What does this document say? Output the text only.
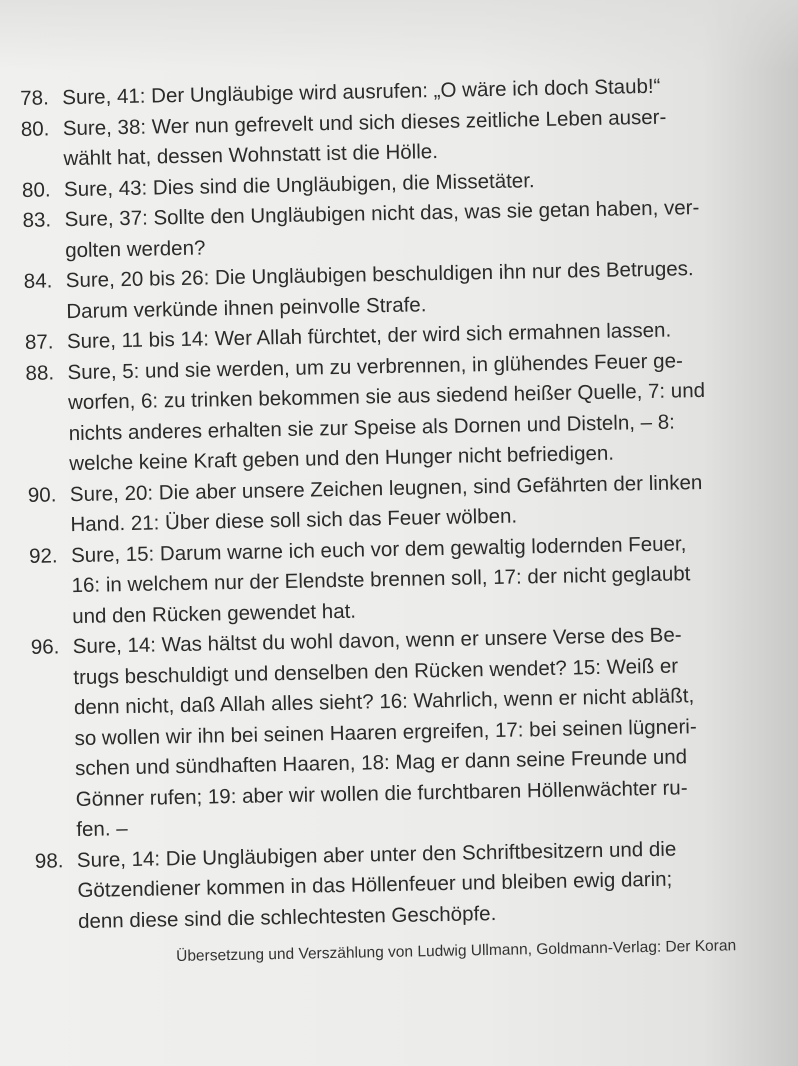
78. Sure, 41: Der Ungläubige wird ausrufen: „O wäre ich doch Staub!“
80. Sure, 38: Wer nun gefrevelt und sich dieses zeitliche Leben auser-
wählt hat, dessen Wohnstatt ist die Hölle.
80. Sure, 43: Dies sind die Ungläubigen, die Missetäter.
83. Sure, 37: Sollte den Ungläubigen nicht das, was sie getan haben, ver-
golten werden?
84. Sure, 20 bis 26: Die Ungläubigen beschuldigen ihn nur des Betruges.
Darum verkünde ihnen peinvolle Strafe.
87. Sure, 11 bis 14: Wer Allah fürchtet, der wird sich ermahnen lassen.
88. Sure, 5: und sie werden, um zu verbrennen, in glühendes Feuer ge-
worfen, 6: zu trinken bekommen sie aus siedend heißer Quelle, 7: und
nichts anderes erhalten sie zur Speise als Dornen und Disteln, – 8:
welche keine Kraft geben und den Hunger nicht befriedigen.
90. Sure, 20: Die aber unsere Zeichen leugnen, sind Gefährten der linken
Hand. 21: Über diese soll sich das Feuer wölben.
92. Sure, 15: Darum warne ich euch vor dem gewaltig lodernden Feuer,
16: in welchem nur der Elendste brennen soll, 17: der nicht geglaubt
und den Rücken gewendet hat.
96. Sure, 14: Was hältst du wohl davon, wenn er unsere Verse des Be-
trugs beschuldigt und denselben den Rücken wendet? 15: Weiß er
denn nicht, daß Allah alles sieht? 16: Wahrlich, wenn er nicht abläßt,
so wollen wir ihn bei seinen Haaren ergreifen, 17: bei seinen lügneri-
schen und sündhaften Haaren, 18: Mag er dann seine Freunde und
Gönner rufen; 19: aber wir wollen die furchtbaren Höllenwächter ru-
fen. –
98. Sure, 14: Die Ungläubigen aber unter den Schriftbesitzern und die
Götzendiener kommen in das Höllenfeuer und bleiben ewig darin;
denn diese sind die schlechtesten Geschöpfe.
Übersetzung und Verszählung von Ludwig Ullmann, Goldmann-Verlag: Der Koran
